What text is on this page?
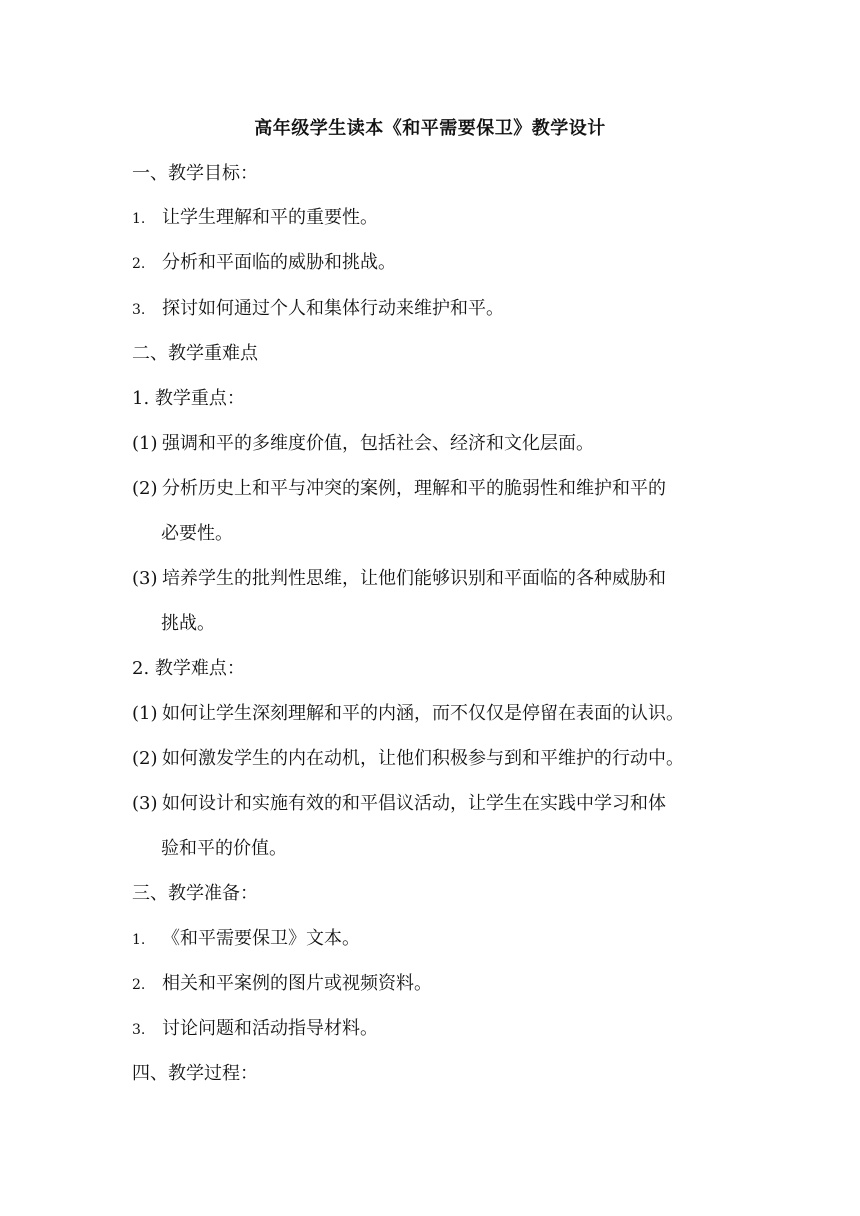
高年级学生读本《和平需要保卫》教学设计
一、教学目标：
1. 让学生理解和平的重要性。
2. 分析和平面临的威胁和挑战。
3. 探讨如何通过个人和集体行动来维护和平。
二、教学重难点
1. 教学重点：
(1) 强调和平的多维度价值，包括社会、经济和文化层面。
(2) 分析历史上和平与冲突的案例，理解和平的脆弱性和维护和平的
必要性。
(3) 培养学生的批判性思维，让他们能够识别和平面临的各种威胁和
挑战。
2. 教学难点：
(1) 如何让学生深刻理解和平的内涵，而不仅仅是停留在表面的认识。
(2) 如何激发学生的内在动机，让他们积极参与到和平维护的行动中。
(3) 如何设计和实施有效的和平倡议活动，让学生在实践中学习和体
验和平的价值。
三、教学准备：
1. 《和平需要保卫》文本。
2. 相关和平案例的图片或视频资料。
3. 讨论问题和活动指导材料。
四、教学过程：
